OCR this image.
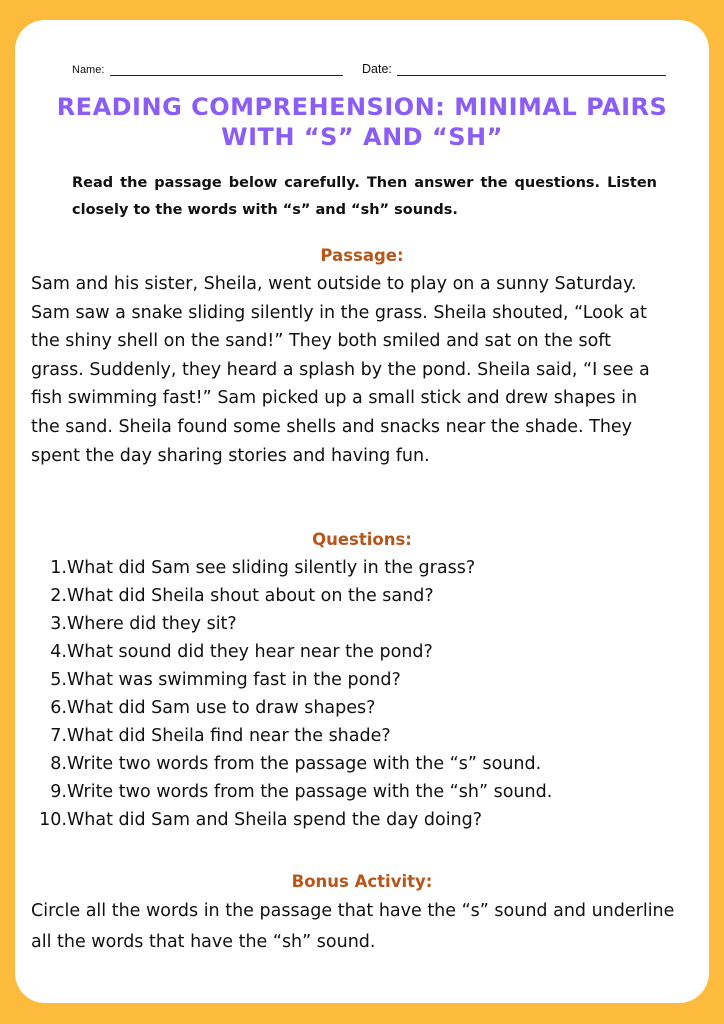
Name:	Date:
READING COMPREHENSION: MINIMAL PAIRS WITH “S” AND “SH”
Read the passage below carefully. Then answer the questions. Listen closely to the words with “s” and “sh” sounds.
Passage:
Sam and his sister, Sheila, went outside to play on a sunny Saturday. Sam saw a snake sliding silently in the grass. Sheila shouted, “Look at the shiny shell on the sand!” They both smiled and sat on the soft grass. Suddenly, they heard a splash by the pond. Sheila said, “I see a fish swimming fast!” Sam picked up a small stick and drew shapes in the sand. Sheila found some shells and snacks near the shade. They spent the day sharing stories and having fun.
Questions:
1.What did Sam see sliding silently in the grass?
2.What did Sheila shout about on the sand?
3.Where did they sit?
4.What sound did they hear near the pond?
5.What was swimming fast in the pond?
6.What did Sam use to draw shapes?
7.What did Sheila find near the shade?
8.Write two words from the passage with the “s” sound.
9.Write two words from the passage with the “sh” sound.
10.What did Sam and Sheila spend the day doing?
Bonus Activity:
Circle all the words in the passage that have the “s” sound and underline all the words that have the “sh” sound.
